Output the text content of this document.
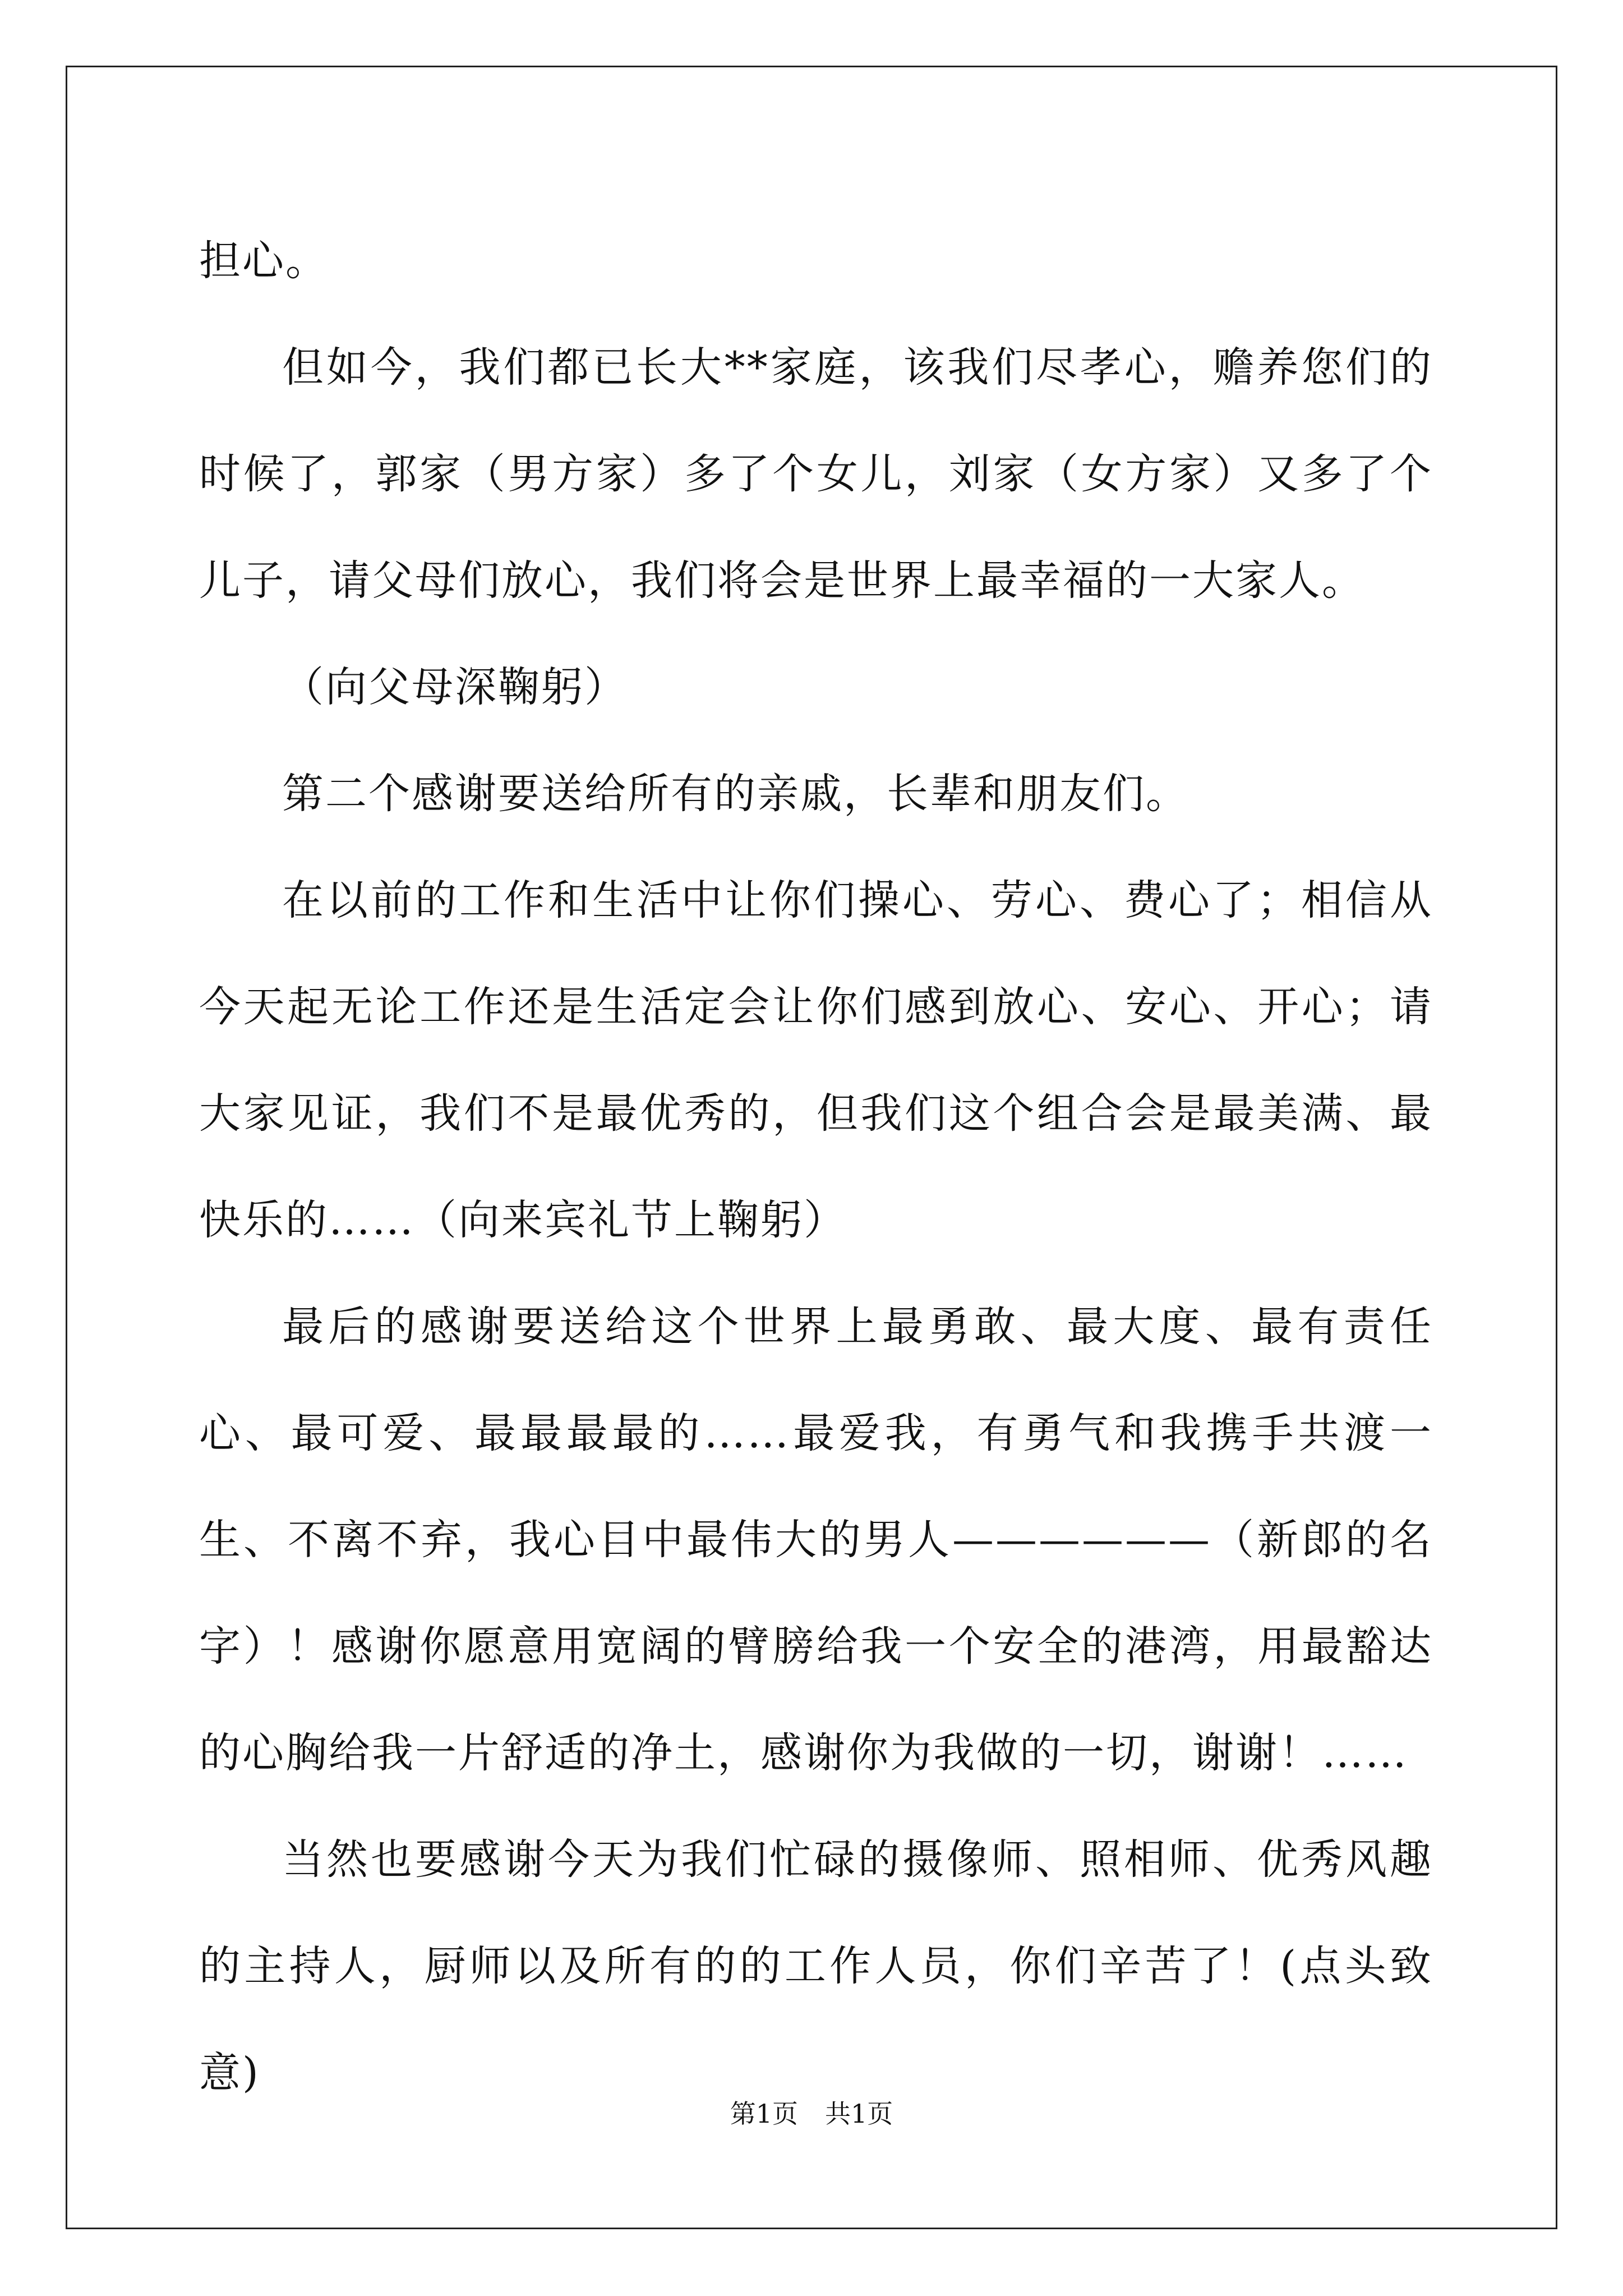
担心。

但如今，我们都已长大**家庭，该我们尽孝心，赡养您们的时候了，郭家（男方家）多了个女儿，刘家（女方家）又多了个儿子，请父母们放心，我们将会是世界上最幸福的一大家人。

（向父母深鞠躬）

第二个感谢要送给所有的亲戚，长辈和朋友们。

在以前的工作和生活中让你们操心、劳心、费心了；相信从今天起无论工作还是生活定会让你们感到放心、安心、开心；请大家见证，我们不是最优秀的，但我们这个组合会是最美满、最快乐的……（向来宾礼节上鞠躬）

最后的感谢要送给这个世界上最勇敢、最大度、最有责任心、最可爱、最最最最的……最爱我，有勇气和我携手共渡一生、不离不弃，我心目中最伟大的男人——————（新郎的名字）！感谢你愿意用宽阔的臂膀给我一个安全的港湾，用最豁达的心胸给我一片舒适的净土，感谢你为我做的一切，谢谢！……

当然也要感谢今天为我们忙碌的摄像师、照相师、优秀风趣的主持人，厨师以及所有的的工作人员，你们辛苦了！(点头致意)

第1页 共1页
